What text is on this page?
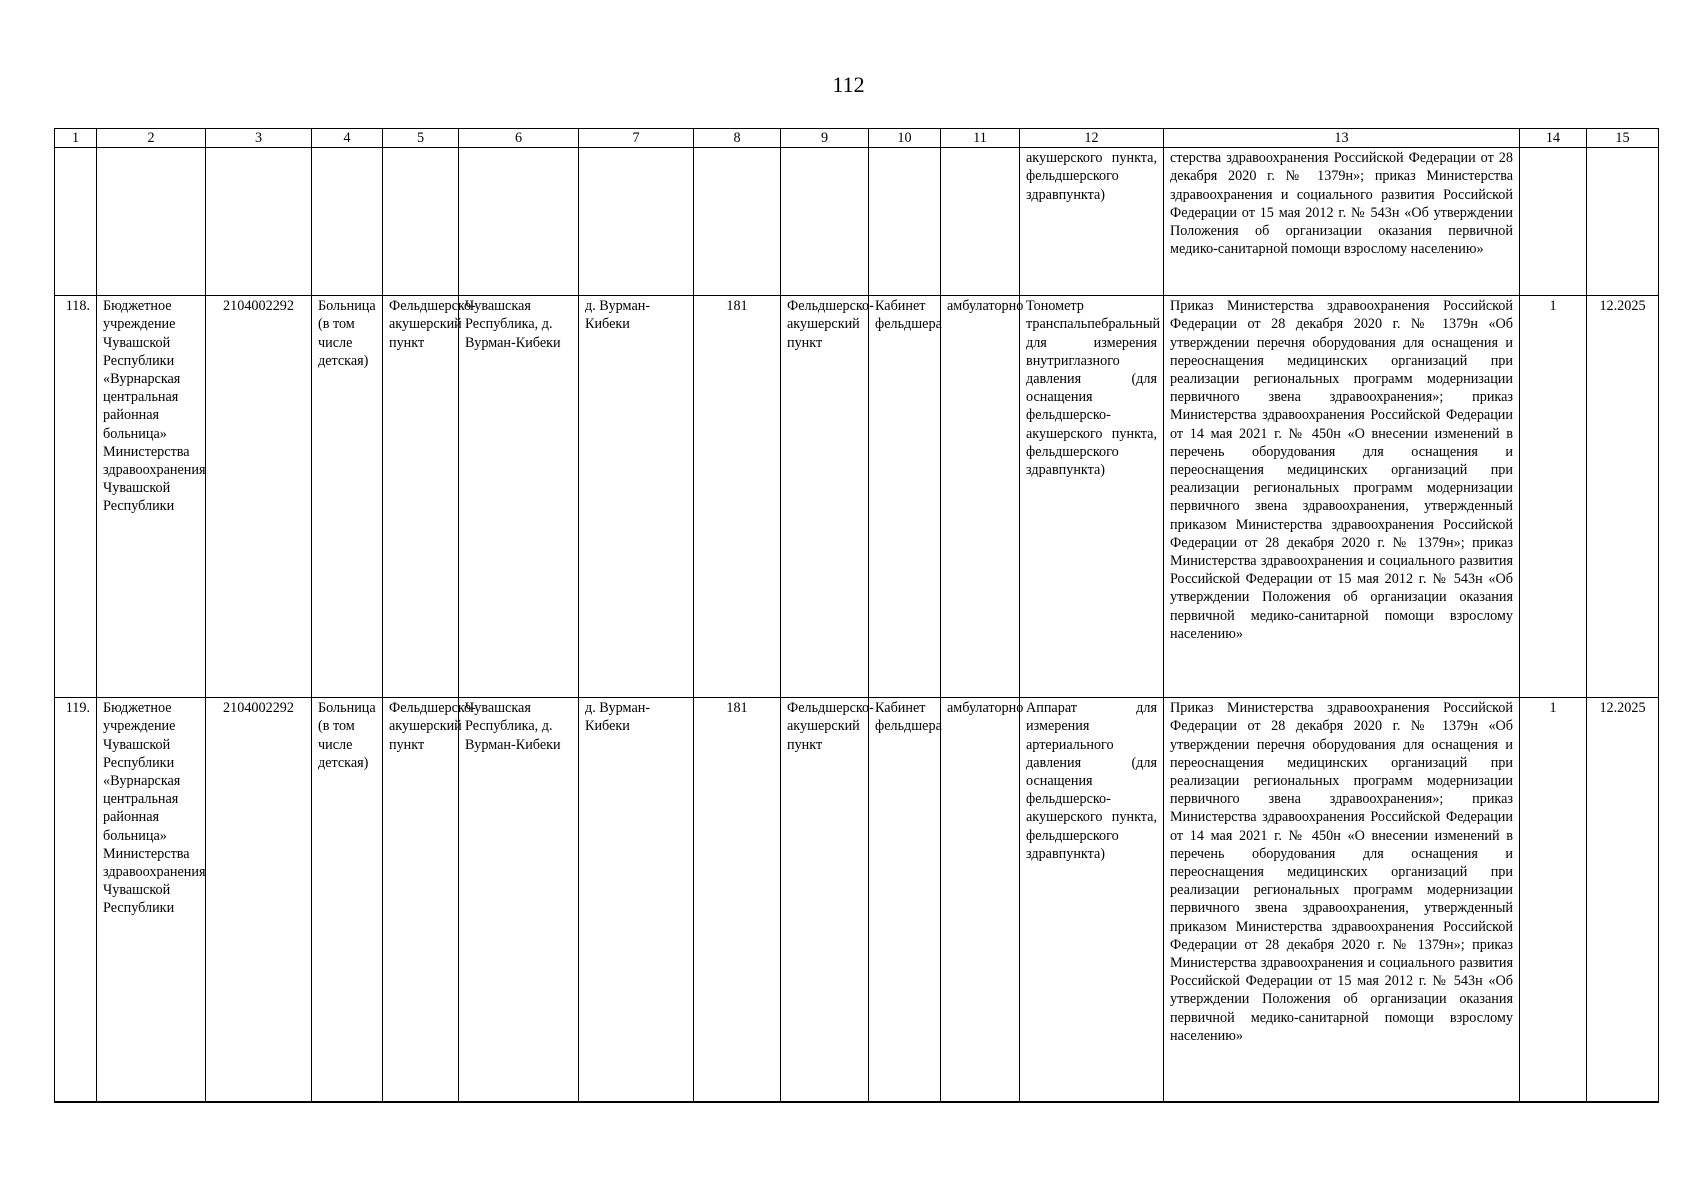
112
1	2	3	4	5	6	7	8	9	10	11	12	13	14	15
											акушерского пункта, фельдшерского здравпункта)	стерства здравоохранения Российской Федерации от 28 декабря 2020 г. № 1379н»; приказ Министерства здравоохранения и социального развития Российской Федерации от 15 мая 2012 г. № 543н «Об утверждении Положения об организации оказания первичной медико-санитарной помощи взрослому населению»		
118.	Бюджетное учреждение Чувашской Республики «Вурнарская центральная районная больница» Министерства здравоохранения Чувашской Республики	2104002292	Больница (в том числе детская)	Фельдшерско-акушерский пункт	Чувашская Республика, д. Вурман-Кибеки	д. Вурман-Кибеки	181	Фельдшерско-акушерский пункт	Кабинет фельдшера	амбулаторно	Тонометр транспальпебральный для измерения внутриглазного давления (для оснащения фельдшерско-акушерского пункта, фельдшерского здравпункта)	Приказ Министерства здравоохранения Российской Федерации от 28 декабря 2020 г. № 1379н «Об утверждении перечня оборудования для оснащения и переоснащения медицинских организаций при реализации региональных программ модернизации первичного звена здравоохранения»; приказ Министерства здравоохранения Российской Федерации от 14 мая 2021 г. № 450н «О внесении изменений в перечень оборудования для оснащения и переоснащения медицинских организаций при реализации региональных программ модернизации первичного звена здравоохранения, утвержденный приказом Министерства здравоохранения Российской Федерации от 28 декабря 2020 г. № 1379н»; приказ Министерства здравоохранения и социального развития Российской Федерации от 15 мая 2012 г. № 543н «Об утверждении Положения об организации оказания первичной медико-санитарной помощи взрослому населению»	1	12.2025
119.	Бюджетное учреждение Чувашской Республики «Вурнарская центральная районная больница» Министерства здравоохранения Чувашской Республики	2104002292	Больница (в том числе детская)	Фельдшерско-акушерский пункт	Чувашская Республика, д. Вурман-Кибеки	д. Вурман-Кибеки	181	Фельдшерско-акушерский пункт	Кабинет фельдшера	амбулаторно	Аппарат для измерения артериального давления (для оснащения фельдшерско-акушерского пункта, фельдшерского здравпункта)	Приказ Министерства здравоохранения Российской Федерации от 28 декабря 2020 г. № 1379н «Об утверждении перечня оборудования для оснащения и переоснащения медицинских организаций при реализации региональных программ модернизации первичного звена здравоохранения»; приказ Министерства здравоохранения Российской Федерации от 14 мая 2021 г. № 450н «О внесении изменений в перечень оборудования для оснащения и переоснащения медицинских организаций при реализации региональных программ модернизации первичного звена здравоохранения, утвержденный приказом Министерства здравоохранения Российской Федерации от 28 декабря 2020 г. № 1379н»; приказ Министерства здравоохранения и социального развития Российской Федерации от 15 мая 2012 г. № 543н «Об утверждении Положения об организации оказания первичной медико-санитарной помощи взрослому населению»	1	12.2025
